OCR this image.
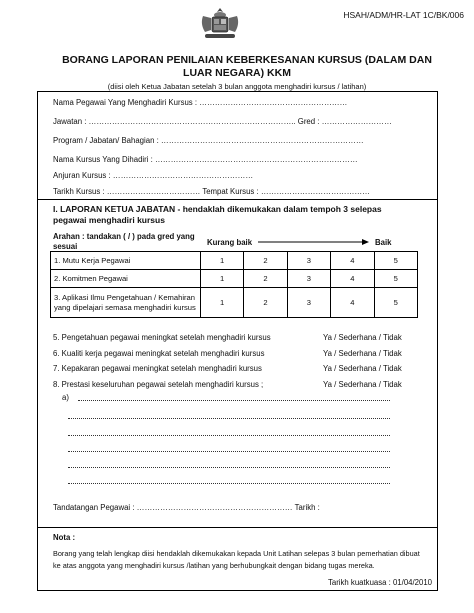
HSAH/ADM/HR-LAT 1C/BK/006
BORANG LAPORAN PENILAIAN KEBERKESANAN KURSUS (DALAM DAN
LUAR NEGARA) KKM
(diisi oleh Ketua Jabatan setelah 3 bulan anggota menghadiri kursus / latihan)
Nama Pegawai Yang Menghadiri Kursus : …………………………………………………
Jawatan : …………………………………………………………………….. Gred : ………………………
Program / Jabatan/ Bahagian : ……………………………………………………………………
Nama Kursus Yang Dihadiri : ……………………………………………………………………
Anjuran Kursus : ………………………………………………
Tarikh Kursus : ……………………………… Tempat Kursus : ……………………………………
I. LAPORAN KETUA JABATAN - hendaklah dikemukakan dalam tempoh 3 selepas pegawai menghadiri kursus
Arahan : tandakan ( / ) pada gred yang sesuai	Kurang baik	Baik
1. Mutu Kerja Pegawai	1	2	3	4	5
2. Komitmen Pegawai	1	2	3	4	5
3. Aplikasi Ilmu Pengetahuan / Kemahiran yang dipelajari semasa menghadiri kursus	1	2	3	4	5
5. Pengetahuan pegawai meningkat setelah menghadiri kursus	Ya / Sederhana / Tidak
6. Kualiti kerja pegawai meningkat setelah menghadiri kursus	Ya / Sederhana / Tidak
7. Kepakaran pegawai meningkat setelah menghadiri kursus	Ya / Sederhana / Tidak
8. Prestasi keseluruhan pegawai setelah menghadiri kursus ;	Ya / Sederhana / Tidak
a)
Tandatangan Pegawai : …………………………………………………… Tarikh :
Nota :
Borang yang telah lengkap diisi hendaklah dikemukakan kepada Unit Latihan selepas 3 bulan pemerhatian dibuat ke atas anggota yang menghadiri kursus /latihan yang berhubungkait dengan bidang tugas mereka.
Tarikh kuatkuasa : 01/04/2010
